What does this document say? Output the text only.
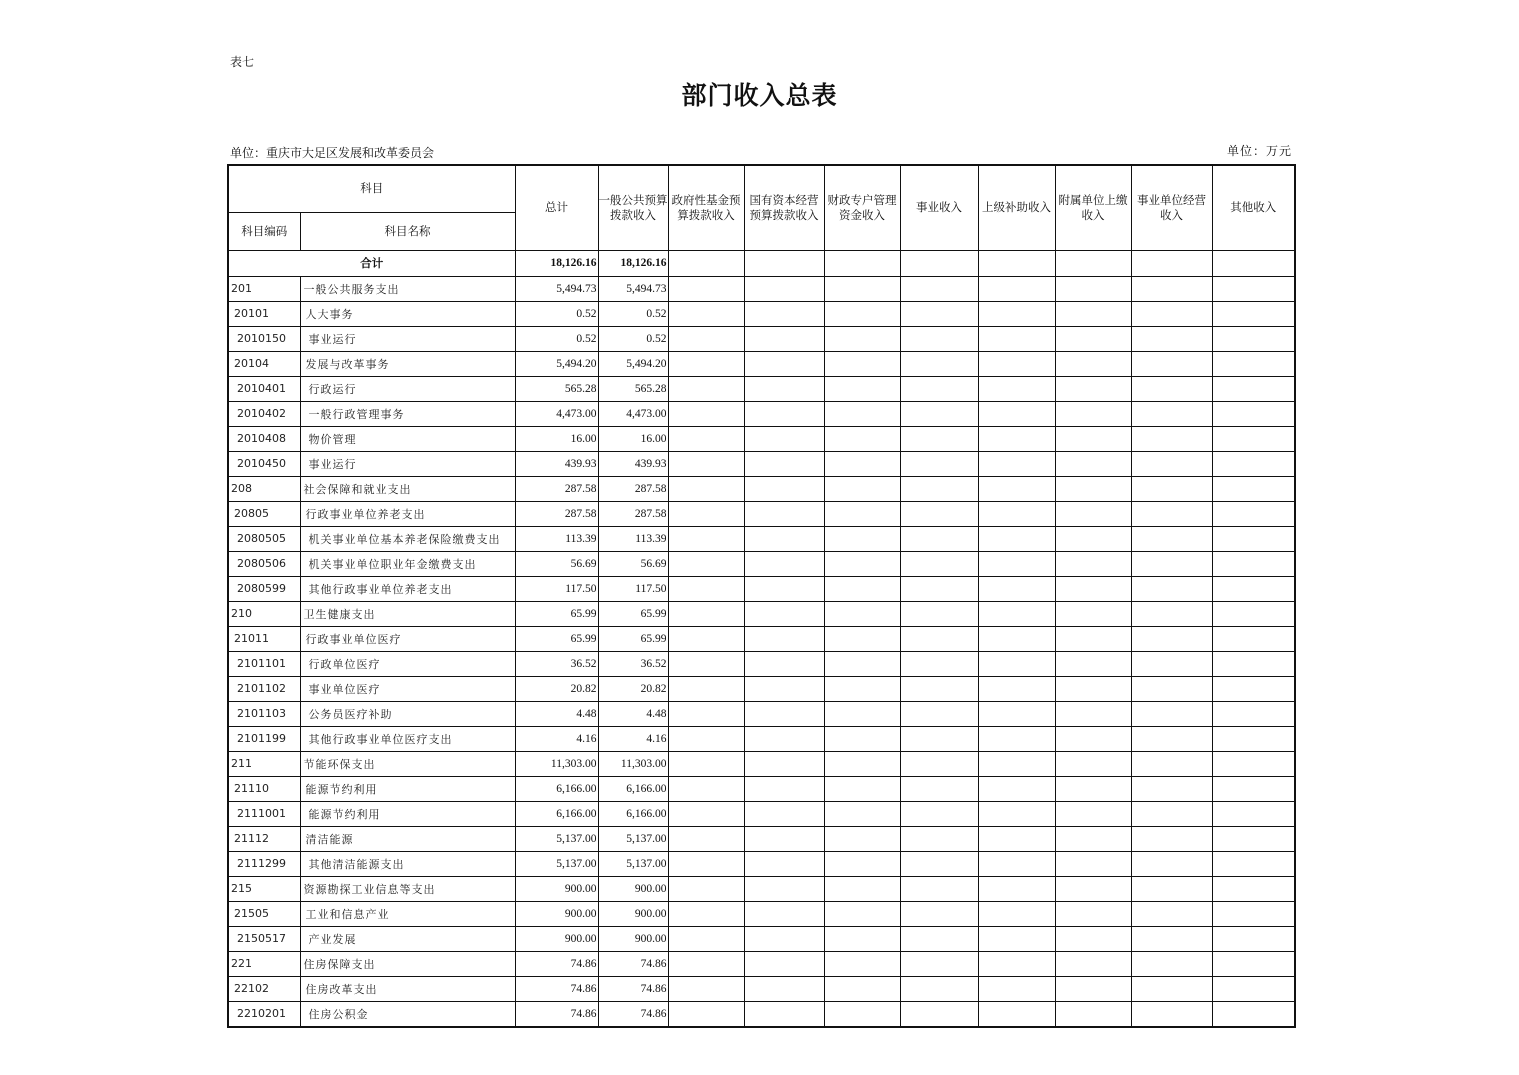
表七
部门收入总表
单位：重庆市大足区发展和改革委员会	单位：万元
科目		总计	一般公共预算拨款收入	政府性基金预算拨款收入	国有资本经营预算拨款收入	财政专户管理资金收入	事业收入	上级补助收入	附属单位上缴收入	事业单位经营收入	其他收入
科目编码	科目名称										
合计		18,126.16	18,126.16								
201	一般公共服务支出	5,494.73	5,494.73								
20101	人大事务	0.52	0.52								
2010150	事业运行	0.52	0.52								
20104	发展与改革事务	5,494.20	5,494.20								
2010401	行政运行	565.28	565.28								
2010402	一般行政管理事务	4,473.00	4,473.00								
2010408	物价管理	16.00	16.00								
2010450	事业运行	439.93	439.93								
208	社会保障和就业支出	287.58	287.58								
20805	行政事业单位养老支出	287.58	287.58								
2080505	机关事业单位基本养老保险缴费支出	113.39	113.39								
2080506	机关事业单位职业年金缴费支出	56.69	56.69								
2080599	其他行政事业单位养老支出	117.50	117.50								
210	卫生健康支出	65.99	65.99								
21011	行政事业单位医疗	65.99	65.99								
2101101	行政单位医疗	36.52	36.52								
2101102	事业单位医疗	20.82	20.82								
2101103	公务员医疗补助	4.48	4.48								
2101199	其他行政事业单位医疗支出	4.16	4.16								
211	节能环保支出	11,303.00	11,303.00								
21110	能源节约利用	6,166.00	6,166.00								
2111001	能源节约利用	6,166.00	6,166.00								
21112	清洁能源	5,137.00	5,137.00								
2111299	其他清洁能源支出	5,137.00	5,137.00								
215	资源勘探工业信息等支出	900.00	900.00								
21505	工业和信息产业	900.00	900.00								
2150517	产业发展	900.00	900.00								
221	住房保障支出	74.86	74.86								
22102	住房改革支出	74.86	74.86								
2210201	住房公积金	74.86	74.86								
